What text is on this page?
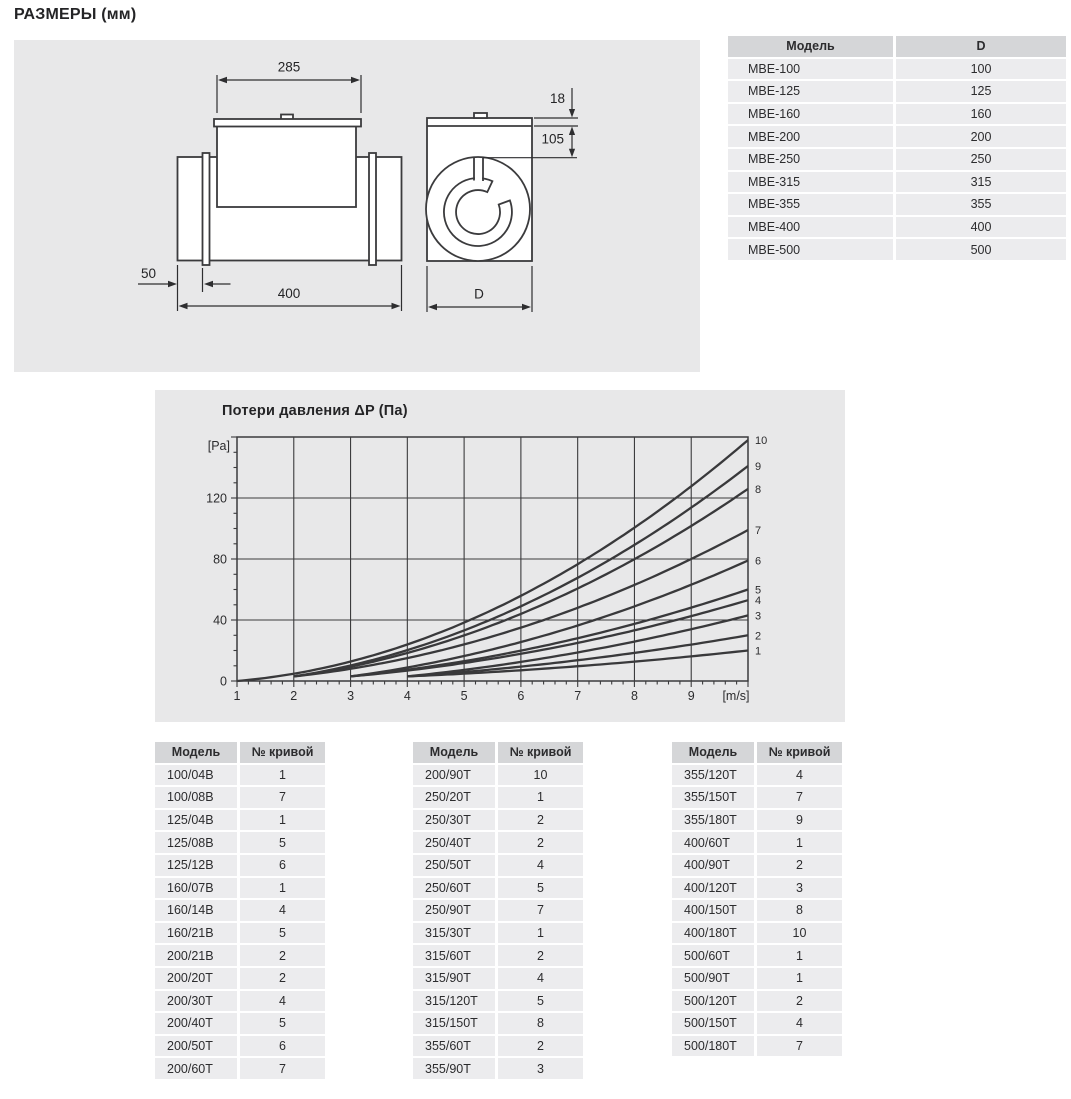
РАЗМЕРЫ (мм)
285
400
50
18
105
D
Модель	D
MBE-100	100
MBE-125	125
MBE-160	160
MBE-200	200
MBE-250	250
MBE-315	315
MBE-355	355
MBE-400	400
MBE-500	500
Потери давления ΔP (Па)
1	2	3	4	5	6	7	8	9 [m/s]
0
40
80
120
[Pa]
1
2
3
4
5
6
7
8
9
10
Модель	№ кривой
100/04B	1
100/08B	7
125/04B	1
125/08B	5
125/12B	6
160/07B	1
160/14B	4
160/21B	5
200/21B	2
200/20T	2
200/30T	4
200/40T	5
200/50T	6
200/60T	7
Модель	№ кривой
200/90T	10
250/20T	1
250/30T	2
250/40T	2
250/50T	4
250/60T	5
250/90T	7
315/30T	1
315/60T	2
315/90T	4
315/120T	5
315/150T	8
355/60T	2
355/90T	3
Модель	№ кривой
355/120T	4
355/150T	7
355/180T	9
400/60T	1
400/90T	2
400/120T	3
400/150T	8
400/180T	10
500/60T	1
500/90T	1
500/120T	2
500/150T	4
500/180T	7
